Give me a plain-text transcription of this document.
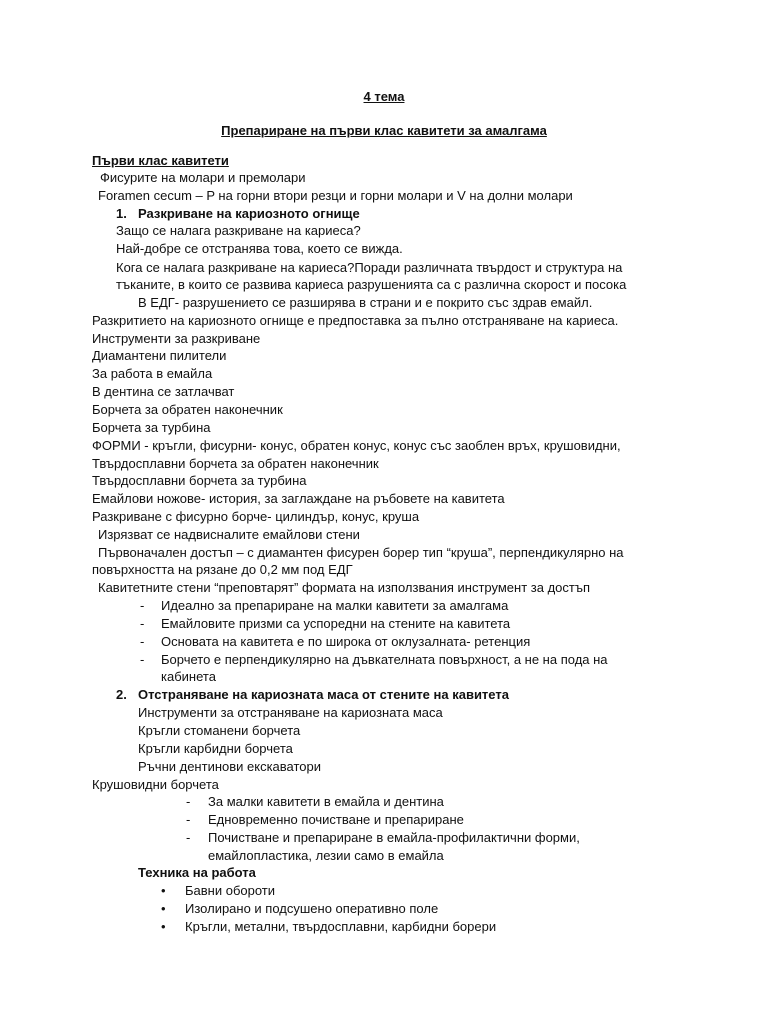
4 тема
Препариране на първи клас кавитети за амалгама
Първи клас кавитети
Фисурите на молари и премолари
Foramen cecum – P на горни втори резци и горни молари и V на долни молари
1. Разкриване на кариозното огнище
Защо се налага разкриване на кариеса?
Най-добре се отстранява това, което се вижда.
Кога се налага разкриване на кариеса?Поради различната твърдост и структура на
тъканите, в които се развива кариеса разрушенията са с различна скорост и посока
В ЕДГ- разрушението се разширява в страни и е покрито със здрав емайл.
Разкритието на кариозното огнище е предпоставка за пълно отстраняване на кариеса.
Инструменти за разкриване
Диамантени пилители
За работа в емайла
В дентина се затлачват
Борчета за обратен наконечник
Борчета за турбина
ФОРМИ - кръгли, фисурни- конус, обратен конус, конус със заоблен връх, крушовидни,
Твърдосплавни борчета за обратен наконечник
Твърдосплавни борчета за турбина
Емайлови ножове- история, за заглаждане на ръбовете на кавитета
Разкриване с фисурно борче- цилиндър, конус, круша
Изрязват се надвисналите емайлови стени
Първоначален достъп – с диамантен фисурен борер тип “круша”, перпендикулярно на
повърхността на рязане до 0,2 мм под ЕДГ
Кавитетните стени “преповтарят” формата на използвания инструмент за достъп
- Идеално за препариране на малки кавитети за амалгама
- Емайловите призми са успоредни на стените на кавитета
- Основата на кавитета е по широка от оклузалната- ретенция
- Борчето е перпендикулярно на дъвкателната повърхност, а не на пода на
кабинета
2. Отстраняване на кариозната маса от стените на кавитета
Инструменти за отстраняване на кариозната маса
Кръгли стоманени борчета
Кръгли карбидни борчета
Ръчни дентинови екскаватори
Крушовидни борчета
- За малки кавитети в емайла и дентина
- Едновременно почистване и препариране
- Почистване и препариране в емайла-профилактични форми,
емайлопластика, лезии само в емайла
Техника на работа
• Бавни обороти
• Изолирано и подсушено оперативно поле
• Кръгли, метални, твърдосплавни, карбидни борери
